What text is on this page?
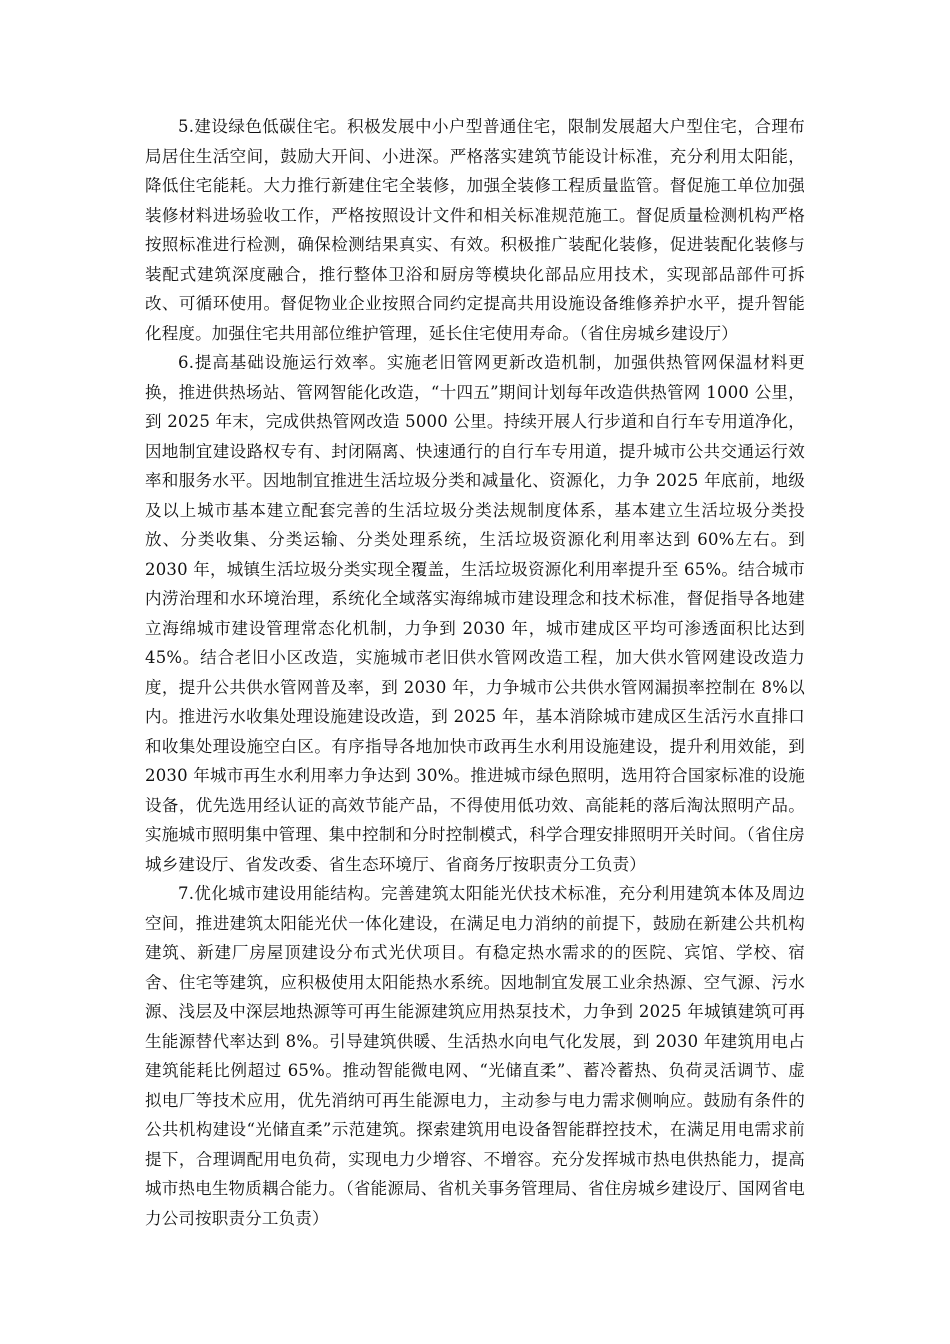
5.建设绿色低碳住宅。积极发展中小户型普通住宅，限制发展超大户型住宅，合理布局居住生活空间，鼓励大开间、小进深。严格落实建筑节能设计标准，充分利用太阳能，降低住宅能耗。大力推行新建住宅全装修，加强全装修工程质量监管。督促施工单位加强装修材料进场验收工作，严格按照设计文件和相关标准规范施工。督促质量检测机构严格按照标准进行检测，确保检测结果真实、有效。积极推广装配化装修，促进装配化装修与装配式建筑深度融合，推行整体卫浴和厨房等模块化部品应用技术，实现部品部件可拆改、可循环使用。督促物业企业按照合同约定提高共用设施设备维修养护水平，提升智能化程度。加强住宅共用部位维护管理，延长住宅使用寿命。（省住房城乡建设厅）

6.提高基础设施运行效率。实施老旧管网更新改造机制，加强供热管网保温材料更换，推进供热场站、管网智能化改造，“十四五”期间计划每年改造供热管网 1000 公里，到 2025 年末，完成供热管网改造 5000 公里。持续开展人行步道和自行车专用道净化，因地制宜建设路权专有、封闭隔离、快速通行的自行车专用道，提升城市公共交通运行效率和服务水平。因地制宜推进生活垃圾分类和减量化、资源化，力争 2025 年底前，地级及以上城市基本建立配套完善的生活垃圾分类法规制度体系，基本建立生活垃圾分类投放、分类收集、分类运输、分类处理系统，生活垃圾资源化利用率达到 60%左右。到 2030 年，城镇生活垃圾分类实现全覆盖，生活垃圾资源化利用率提升至 65%。结合城市内涝治理和水环境治理，系统化全域落实海绵城市建设理念和技术标准，督促指导各地建立海绵城市建设管理常态化机制，力争到 2030 年，城市建成区平均可渗透面积比达到 45%。结合老旧小区改造，实施城市老旧供水管网改造工程，加大供水管网建设改造力度，提升公共供水管网普及率，到 2030 年，力争城市公共供水管网漏损率控制在 8%以内。推进污水收集处理设施建设改造，到 2025 年，基本消除城市建成区生活污水直排口和收集处理设施空白区。有序指导各地加快市政再生水利用设施建设，提升利用效能，到 2030 年城市再生水利用率力争达到 30%。推进城市绿色照明，选用符合国家标准的设施设备，优先选用经认证的高效节能产品，不得使用低功效、高能耗的落后淘汰照明产品。实施城市照明集中管理、集中控制和分时控制模式，科学合理安排照明开关时间。（省住房城乡建设厅、省发改委、省生态环境厅、省商务厅按职责分工负责）

7.优化城市建设用能结构。完善建筑太阳能光伏技术标准，充分利用建筑本体及周边空间，推进建筑太阳能光伏一体化建设，在满足电力消纳的前提下，鼓励在新建公共机构建筑、新建厂房屋顶建设分布式光伏项目。有稳定热水需求的的医院、宾馆、学校、宿舍、住宅等建筑，应积极使用太阳能热水系统。因地制宜发展工业余热源、空气源、污水源、浅层及中深层地热源等可再生能源建筑应用热泵技术，力争到 2025 年城镇建筑可再生能源替代率达到 8%。引导建筑供暖、生活热水向电气化发展，到 2030 年建筑用电占建筑能耗比例超过 65%。推动智能微电网、“光储直柔”、蓄冷蓄热、负荷灵活调节、虚拟电厂等技术应用，优先消纳可再生能源电力，主动参与电力需求侧响应。鼓励有条件的公共机构建设“光储直柔”示范建筑。探索建筑用电设备智能群控技术，在满足用电需求前提下，合理调配用电负荷，实现电力少增容、不增容。充分发挥城市热电供热能力，提高城市热电生物质耦合能力。（省能源局、省机关事务管理局、省住房城乡建设厅、国网省电力公司按职责分工负责）
